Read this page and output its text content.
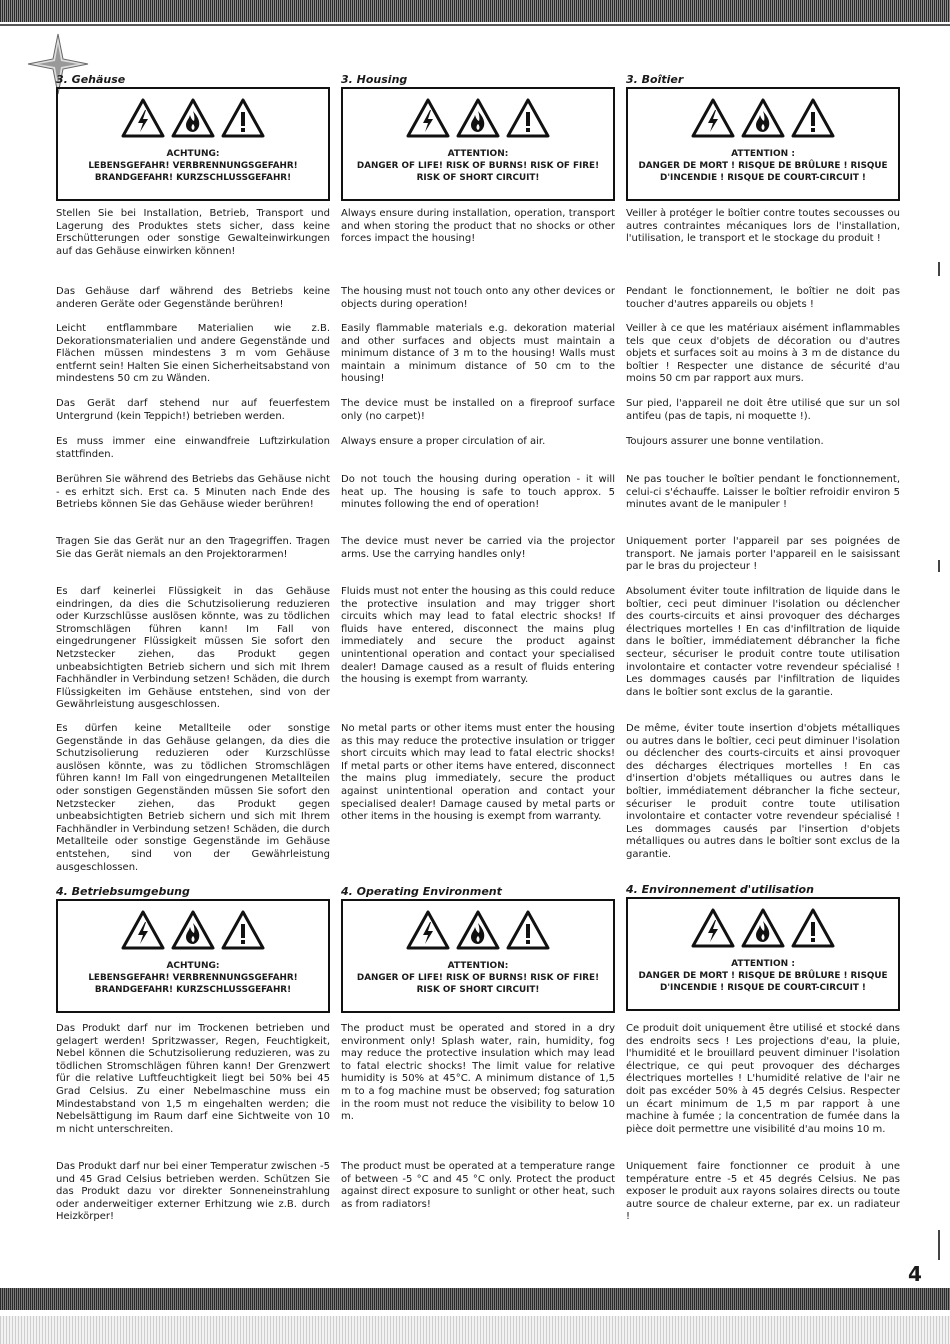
3. Gehäuse
ACHTUNG:
LEBENSGEFAHR! VERBRENNUNGSGEFAHR! BRANDGEFAHR! KURZSCHLUSSGEFAHR!

Stellen Sie bei Installation, Betrieb, Transport und Lagerung des Produktes stets sicher, dass keine Erschütterungen oder sonstige Gewalteinwirkungen auf das Gehäuse einwirken können!

Das Gehäuse darf während des Betriebs keine anderen Geräte oder Gegenstände berühren!

Leicht entflammbare Materialien wie z.B. Dekorationsmaterialien und andere Gegenstände und Flächen müssen mindestens 3 m vom Gehäuse entfernt sein! Halten Sie einen Sicherheitsabstand von mindestens 50 cm zu Wänden.

Das Gerät darf stehend nur auf feuerfestem Untergrund (kein Teppich!) betrieben werden.

Es muss immer eine einwandfreie Luftzirkulation stattfinden.

Berühren Sie während des Betriebs das Gehäuse nicht - es erhitzt sich. Erst ca. 5 Minuten nach Ende des Betriebs können Sie das Gehäuse wieder berühren!

Tragen Sie das Gerät nur an den Tragegriffen. Tragen Sie das Gerät niemals an den Projektorarmen!

Es darf keinerlei Flüssigkeit in das Gehäuse eindringen, da dies die Schutzisolierung reduzieren oder Kurzschlüsse auslösen könnte, was zu tödlichen Stromschlägen führen kann! Im Fall von eingedrungener Flüssigkeit müssen Sie sofort den Netzstecker ziehen, das Produkt gegen unbeabsichtigten Betrieb sichern und sich mit Ihrem Fachhändler in Verbindung setzen! Schäden, die durch Flüssigkeiten im Gehäuse entstehen, sind von der Gewährleistung ausgeschlossen.

Es dürfen keine Metallteile oder sonstige Gegenstände in das Gehäuse gelangen, da dies die Schutzisolierung reduzieren oder Kurzschlüsse auslösen könnte, was zu tödlichen Stromschlägen führen kann! Im Fall von eingedrungenen Metallteilen oder sonstigen Gegenständen müssen Sie sofort den Netzstecker ziehen, das Produkt gegen unbeabsichtigten Betrieb sichern und sich mit Ihrem Fachhändler in Verbindung setzen! Schäden, die durch Metallteile oder sonstige Gegenstände im Gehäuse entstehen, sind von der Gewährleistung ausgeschlossen.

4. Betriebsumgebung
ACHTUNG:
LEBENSGEFAHR! VERBRENNUNGSGEFAHR! BRANDGEFAHR! KURZSCHLUSSGEFAHR!

Das Produkt darf nur im Trockenen betrieben und gelagert werden! Spritzwasser, Regen, Feuchtigkeit, Nebel können die Schutzisolierung reduzieren, was zu tödlichen Stromschlägen führen kann! Der Grenzwert für die relative Luftfeuchtigkeit liegt bei 50% bei 45 Grad Celsius. Zu einer Nebelmaschine muss ein Mindestabstand von 1,5 m eingehalten werden; die Nebelsättigung im Raum darf eine Sichtweite von 10 m nicht unterschreiten.

Das Produkt darf nur bei einer Temperatur zwischen -5 und 45 Grad Celsius betrieben werden. Schützen Sie das Produkt dazu vor direkter Sonneneinstrahlung oder anderweitiger externer Erhitzung wie z.B. durch Heizkörper!

3. Housing
ATTENTION:
DANGER OF LIFE! RISK OF BURNS! RISK OF FIRE! RISK OF SHORT CIRCUIT!

Always ensure during installation, operation, transport and when storing the product that no shocks or other forces impact the housing!

The housing must not touch onto any other devices or objects during operation!

Easily flammable materials e.g. dekoration material and other surfaces and objects must maintain a minimum distance of 3 m to the housing! Walls must maintain a minimum distance of 50 cm to the housing!

The device must be installed on a fireproof surface only (no carpet)!

Always ensure a proper circulation of air.

Do not touch the housing during operation - it will heat up. The housing is safe to touch approx. 5 minutes following the end of operation!

The device must never be carried via the projector arms. Use the carrying handles only!

Fluids must not enter the housing as this could reduce the protective insulation and may trigger short circuits which may lead to fatal electric shocks! If fluids have entered, disconnect the mains plug immediately and secure the product against unintentional operation and contact your specialised dealer! Damage caused as a result of fluids entering the housing is exempt from warranty.

No metal parts or other items must enter the housing as this may reduce the protective insulation or trigger short circuits which may lead to fatal electric shocks! If metal parts or other items have entered, disconnect the mains plug immediately, secure the product against unintentional operation and contact your specialised dealer! Damage caused by metal parts or other items in the housing is exempt from warranty.

4. Operating Environment
ATTENTION:
DANGER OF LIFE! RISK OF BURNS! RISK OF FIRE! RISK OF SHORT CIRCUIT!

The product must be operated and stored in a dry environment only! Splash water, rain, humidity, fog may reduce the protective insulation which may lead to fatal electric shocks! The limit value for relative humidity is 50% at 45°C. A minimum distance of 1,5 m to a fog machine must be observed; fog saturation in the room must not reduce the visibility to below 10 m.

The product must be operated at a temperature range of between -5 °C and 45 °C only. Protect the product against direct exposure to sunlight or other heat, such as from radiators!

3. Boîtier
ATTENTION :
DANGER DE MORT ! RISQUE DE BRÛLURE ! RISQUE D'INCENDIE ! RISQUE DE COURT-CIRCUIT !

Veiller à protéger le boîtier contre toutes secousses ou autres contraintes mécaniques lors de l'installation, l'utilisation, le transport et le stockage du produit !

Pendant le fonctionnement, le boîtier ne doit pas toucher d'autres appareils ou objets !

Veiller à ce que les matériaux aisément inflammables tels que ceux d'objets de décoration ou d'autres objets et surfaces soit au moins à 3 m de distance du boîtier ! Respecter une distance de sécurité d'au moins 50 cm par rapport aux murs.

Sur pied, l'appareil ne doit être utilisé que sur un sol antifeu (pas de tapis, ni moquette !).

Toujours assurer une bonne ventilation.

Ne pas toucher le boîtier pendant le fonctionnement, celui-ci s'échauffe. Laisser le boîtier refroidir environ 5 minutes avant de le manipuler !

Uniquement porter l'appareil par ses poignées de transport. Ne jamais porter l'appareil en le saisissant par le bras du projecteur !

Absolument éviter toute infiltration de liquide dans le boîtier, ceci peut diminuer l'isolation ou déclencher des courts-circuits et ainsi provoquer des décharges électriques mortelles ! En cas d'infiltration de liquide dans le boîtier, immédiatement débrancher la fiche secteur, sécuriser le produit contre toute utilisation involontaire et contacter votre revendeur spécialisé ! Les dommages causés par l'infiltration de liquides dans le boîtier sont exclus de la garantie.

De même, éviter toute insertion d'objets métalliques ou autres dans le boîtier, ceci peut diminuer l'isolation ou déclencher des courts-circuits et ainsi provoquer des décharges électriques mortelles ! En cas d'insertion d'objets métalliques ou autres dans le boîtier, immédiatement débrancher la fiche secteur, sécuriser le produit contre toute utilisation involontaire et contacter votre revendeur spécialisé ! Les dommages causés par l'insertion d'objets métalliques ou autres dans le boîtier sont exclus de la garantie.

4. Environnement d'utilisation
ATTENTION :
DANGER DE MORT ! RISQUE DE BRÛLURE ! RISQUE D'INCENDIE ! RISQUE DE COURT-CIRCUIT !

Ce produit doit uniquement être utilisé et stocké dans des endroits secs ! Les projections d'eau, la pluie, l'humidité et le brouillard peuvent diminuer l'isolation électrique, ce qui peut provoquer des décharges électriques mortelles ! L'humidité relative de l'air ne doit pas excéder 50% à 45 degrés Celsius. Respecter un écart minimum de 1,5 m par rapport à une machine à fumée ; la concentration de fumée dans la pièce doit permettre une visibilité d'au moins 10 m.

Uniquement faire fonctionner ce produit à une température entre -5 et 45 degrés Celsius. Ne pas exposer le produit aux rayons solaires directs ou toute autre source de chaleur externe, par ex. un radiateur !

4
